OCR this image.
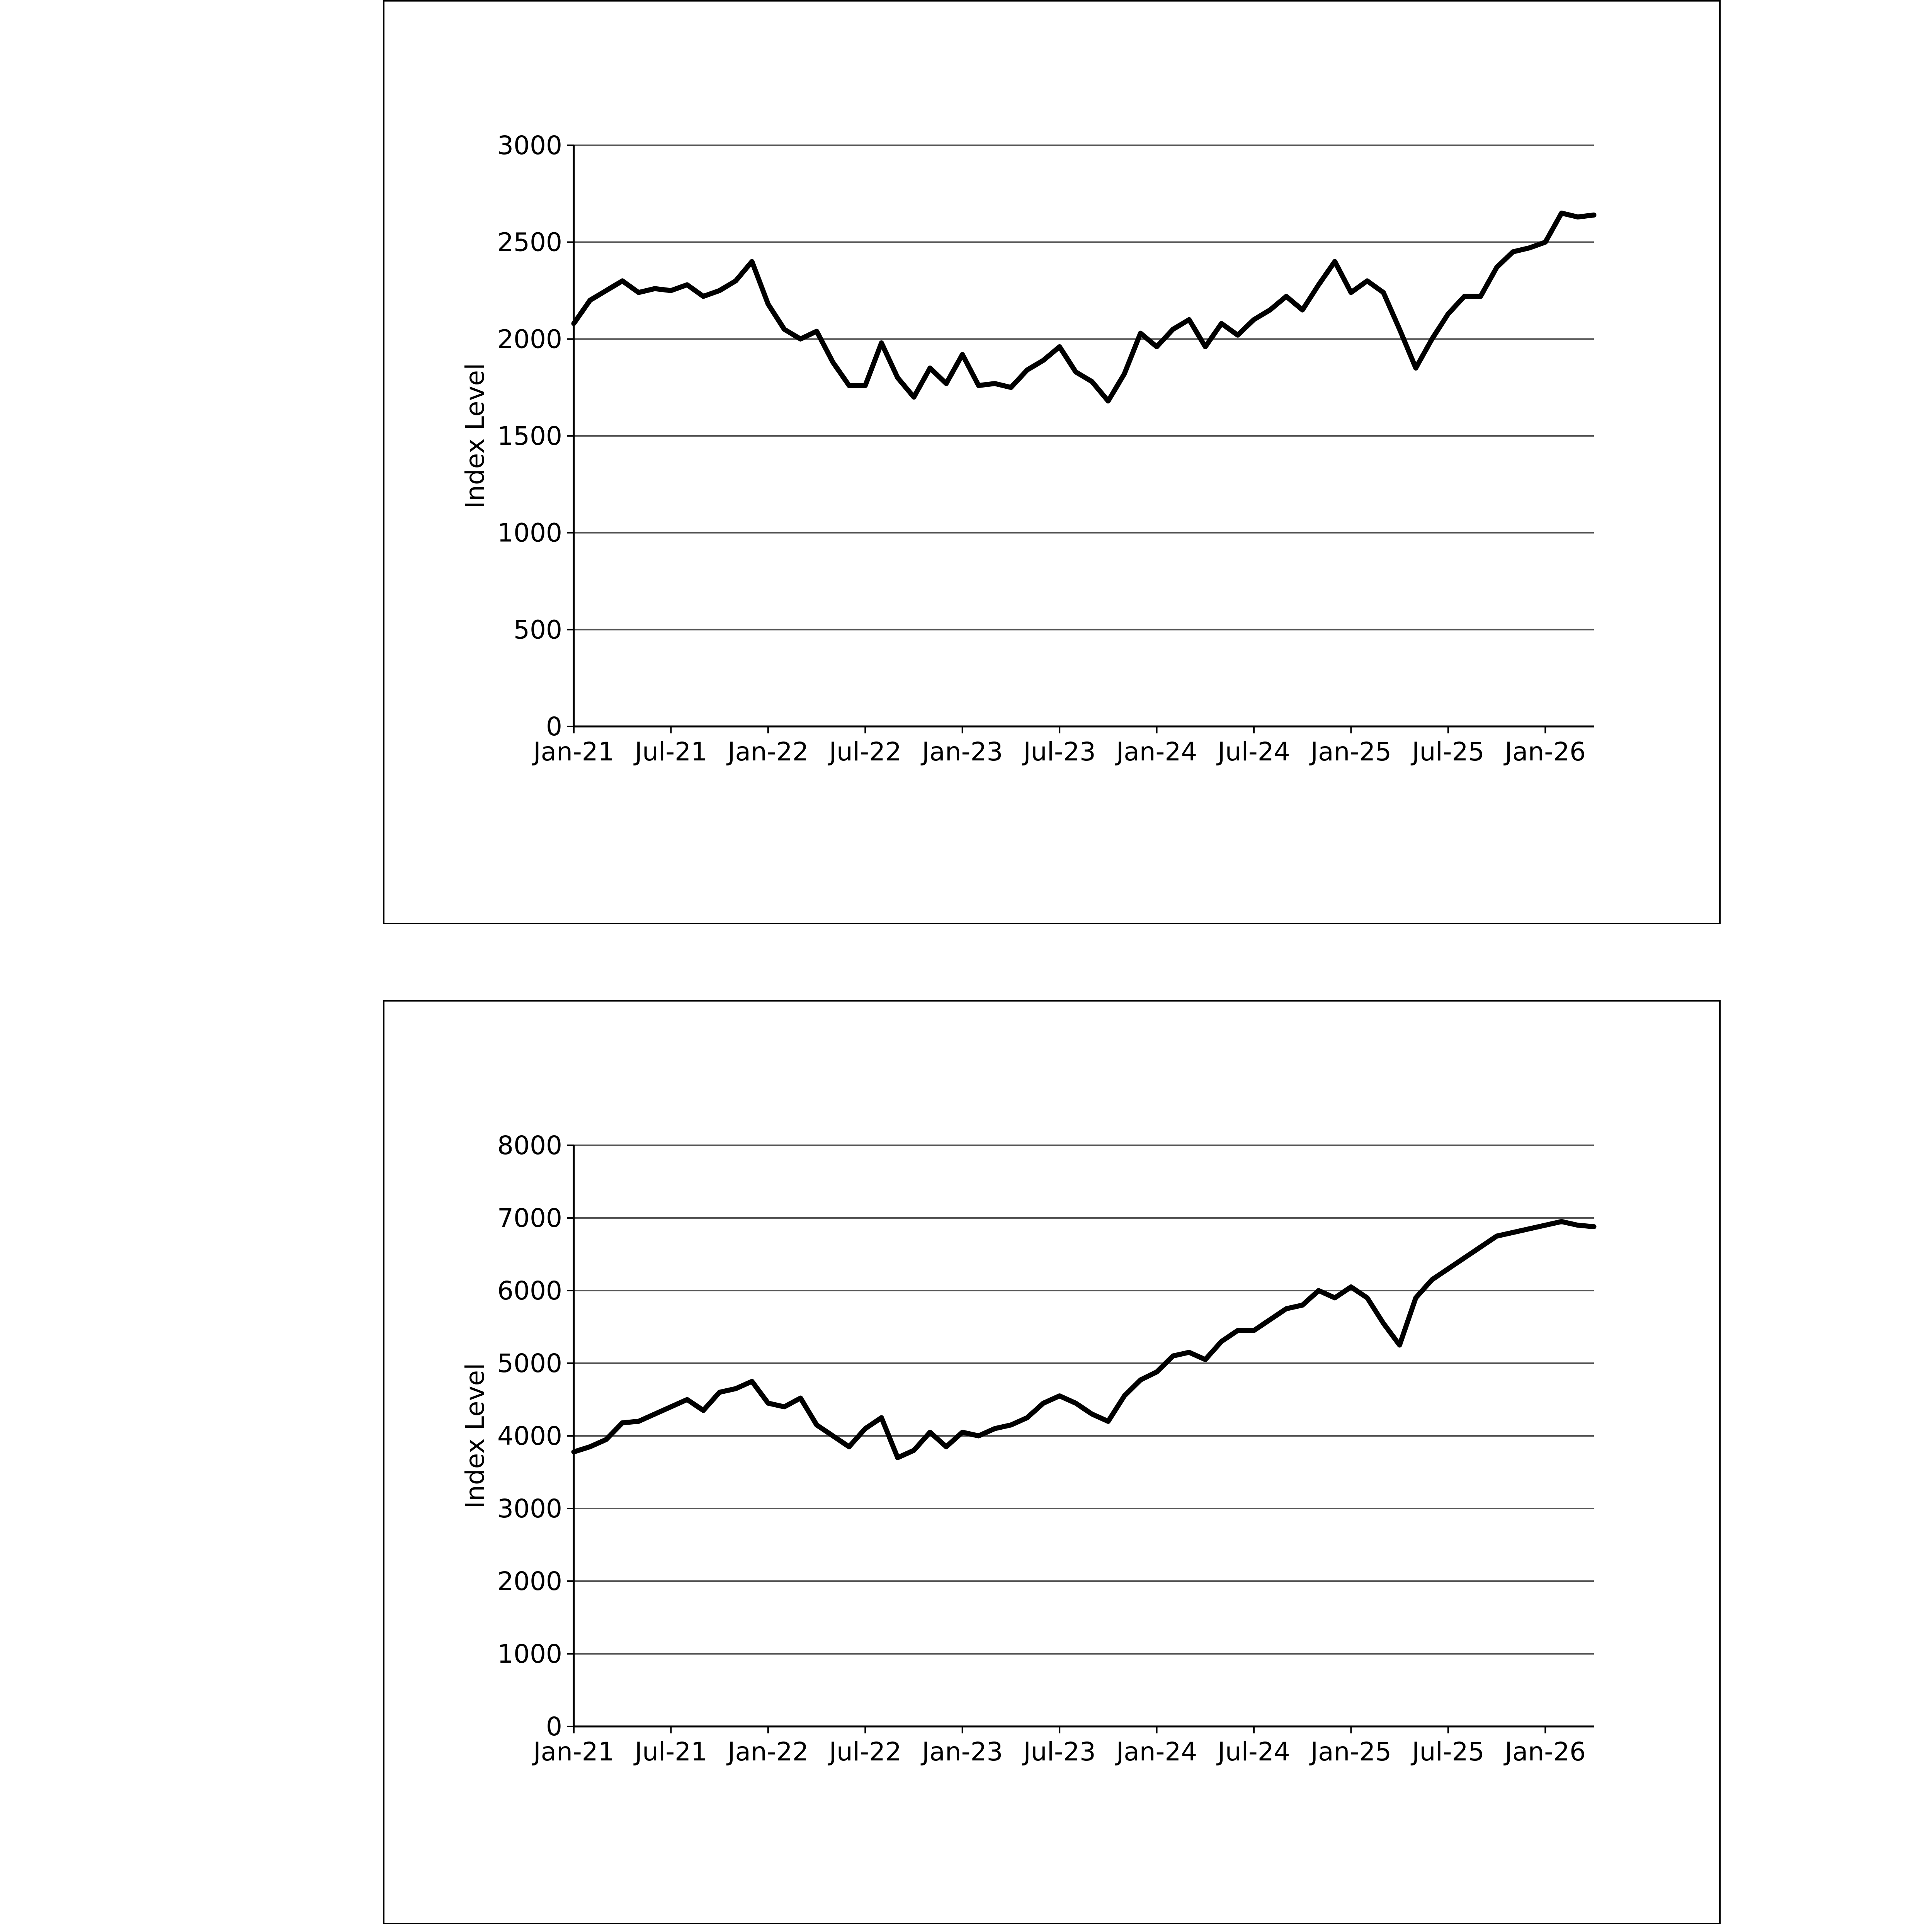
0
500
1000
1500
2000
2500
3000
Jan-21 Jul-21 Jan-22 Jul-22 Jan-23 Jul-23 Jan-24 Jul-24 Jan-25 Jul-25 Jan-26
Index Level
0
1000
2000
3000
4000
5000
6000
7000
8000
Jan-21 Jul-21 Jan-22 Jul-22 Jan-23 Jul-23 Jan-24 Jul-24 Jan-25 Jul-25 Jan-26
Index Level
